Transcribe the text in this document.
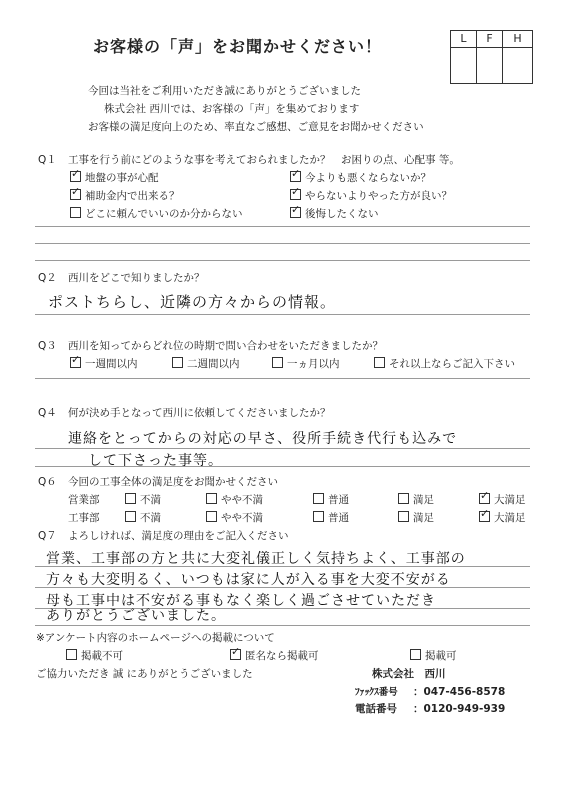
お客様の「声」をお聞かせください！	L	F	H
今回は当社をご利用いただき誠にありがとうございました
株式会社 西川では、お客様の「声」を集めております
お客様の満足度向上のため、率直なご感想、ご意見をお聞かせください
Q１ 工事を行う前にどのような事を考えておられましたか？　お困りの点、心配事 等。
✓地盤の事が心配 ✓	今よりも悪くならないか？
✓補助金内で出来る？ ✓	やらないよりやった方が良い？
どこに頼んでいいのか分からない ✓	後悔したくない
Q２ 西川をどこで知りましたか？
ポストちらし、近隣の方々からの情報。
Q３ 西川を知ってからどれ位の時期で問い合わせをいただきましたか？
✓一週間以内	二週間以内	一ヵ月以内	それ以上ならご記入下さい
Q４ 何が決め手となって西川に依頼してくださいましたか？
連絡をとってからの対応の早さ、役所手続き代行も込みで
して下さった事等。
Q６ 今回の工事全体の満足度をお聞かせください
営業部	不満	やや不満	普通	満足 ✓	大満足
工事部	不満	やや不満	普通	満足 ✓	大満足
Q７ よろしければ、満足度の理由をご記入ください
営業、工事部の方と共に大変礼儀正しく気持ちよく、工事部の
方々も大変明るく、いつもは家に人が入る事を大変不安がる
母も工事中は不安がる事もなく楽しく過ごさせていただき
ありがとうございました。
※アンケート内容のホームページへの掲載について
掲載不可 ✓	匿名なら掲載可	掲載可
ご協力いただき 誠 にありがとうございました	株式会社　西川
ﾌｧｯｸｽ番号 ：047-456-8578
電話番号 ：0120-949-939
